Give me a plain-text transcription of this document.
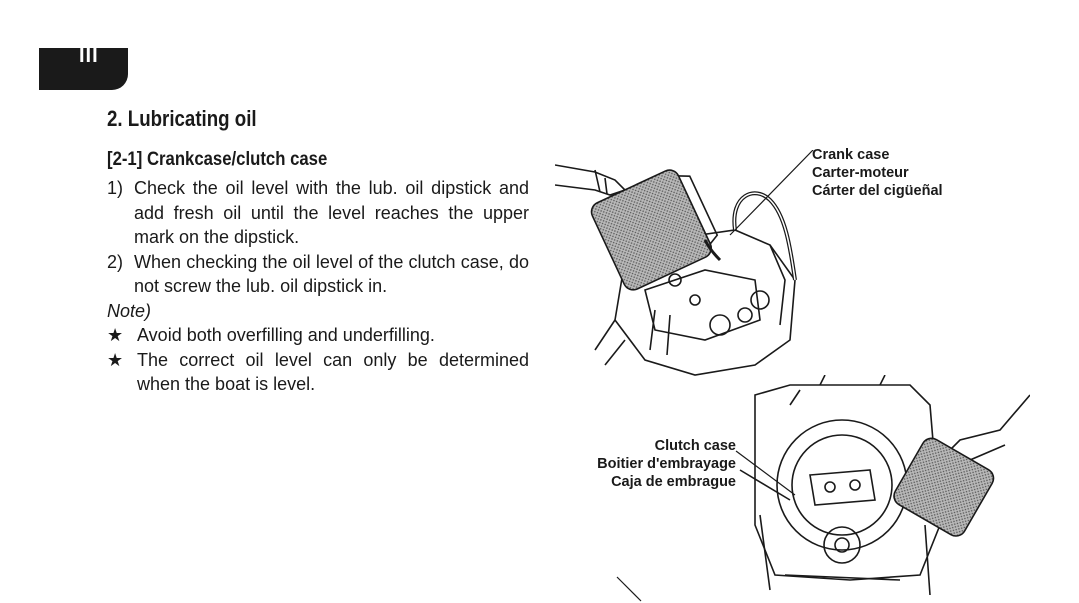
III
2. Lubricating oil
[2-1] Crankcase/clutch case
1) Check the oil level with the lub. oil dipstick and add fresh oil until the level reaches the upper mark on the dipstick.
2) When checking the oil level of the clutch case, do not screw the lub. oil dipstick in.
Note)
★ Avoid both overfilling and underfilling.
★ The correct oil level can only be determined when the boat is level.
Crank case
Carter-moteur
Cárter del cigüeñal
Clutch case
Boitier d'embrayage
Caja de embrague
